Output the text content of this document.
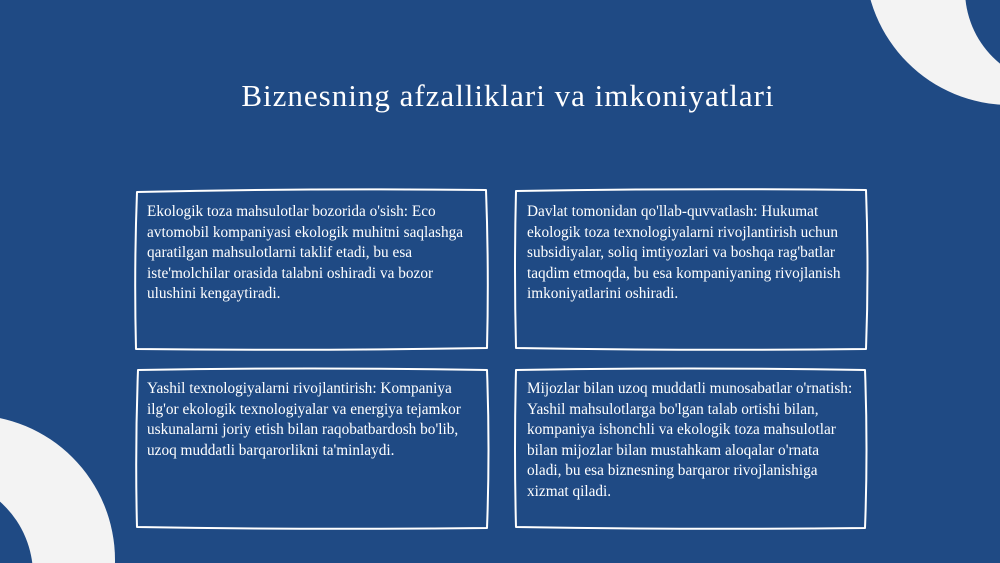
Biznesning afzalliklari va imkoniyatlari

Ekologik toza mahsulotlar bozorida o'sish: Eco avtomobil kompaniyasi ekologik muhitni saqlashga qaratilgan mahsulotlarni taklif etadi, bu esa iste'molchilar orasida talabni oshiradi va bozor ulushini kengaytiradi.

Davlat tomonidan qo'llab-quvvatlash: Hukumat ekologik toza texnologiyalarni rivojlantirish uchun subsidiyalar, soliq imtiyozlari va boshqa rag'batlar taqdim etmoqda, bu esa kompaniyaning rivojlanish imkoniyatlarini oshiradi.

Yashil texnologiyalarni rivojlantirish: Kompaniya ilg'or ekologik texnologiyalar va energiya tejamkor uskunalarni joriy etish bilan raqobatbardosh bo'lib, uzoq muddatli barqarorlikni ta'minlaydi.

Mijozlar bilan uzoq muddatli munosabatlar o'rnatish: Yashil mahsulotlarga bo'lgan talab ortishi bilan, kompaniya ishonchli va ekologik toza mahsulotlar bilan mijozlar bilan mustahkam aloqalar o'rnata oladi, bu esa biznesning barqaror rivojlanishiga xizmat qiladi.
